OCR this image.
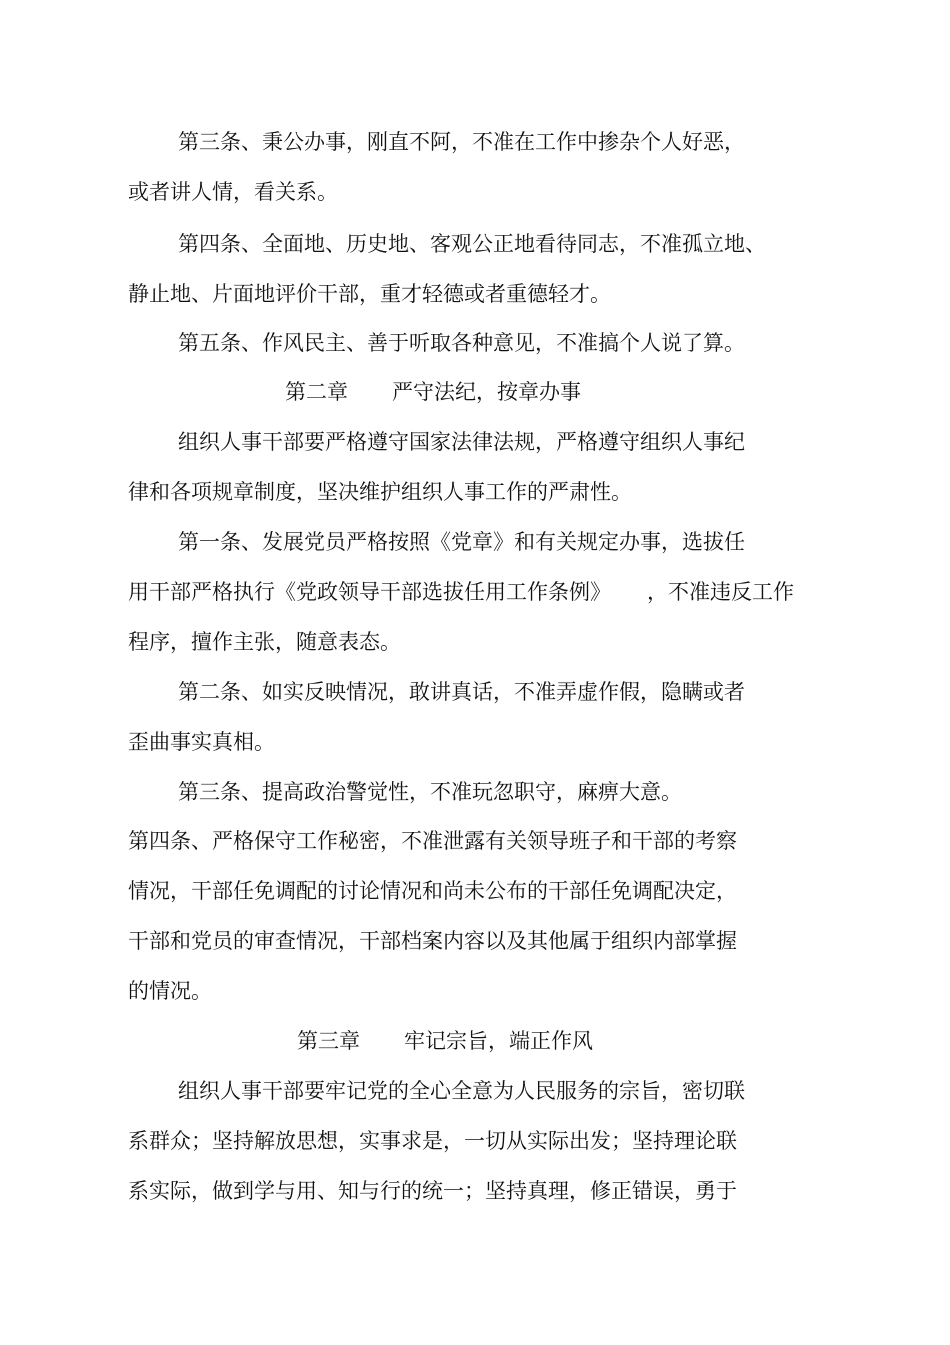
第三条、秉公办事，刚直不阿，不准在工作中掺杂个人好恶，
或者讲人情，看关系。
第四条、全面地、历史地、客观公正地看待同志，不准孤立地、
静止地、片面地评价干部，重才轻德或者重德轻才。
第五条、作风民主、善于听取各种意见，不准搞个人说了算。
第二章 严守法纪，按章办事
组织人事干部要严格遵守国家法律法规，严格遵守组织人事纪
律和各项规章制度，坚决维护组织人事工作的严肃性。
第一条、发展党员严格按照《党章》和有关规定办事，选拔任
用干部严格执行《党政领导干部选拔任用工作条例》 ，不准违反工作
程序，擅作主张，随意表态。
第二条、如实反映情况，敢讲真话，不准弄虚作假，隐瞒或者
歪曲事实真相。
第三条、提高政治警觉性，不准玩忽职守，麻痹大意。
第四条、严格保守工作秘密，不准泄露有关领导班子和干部的考察
情况，干部任免调配的讨论情况和尚未公布的干部任免调配决定，
干部和党员的审查情况，干部档案内容以及其他属于组织内部掌握
的情况。
第三章 牢记宗旨，端正作风
组织人事干部要牢记党的全心全意为人民服务的宗旨，密切联
系群众；坚持解放思想，实事求是，一切从实际出发；坚持理论联
系实际，做到学与用、知与行的统一；坚持真理，修正错误，勇于
